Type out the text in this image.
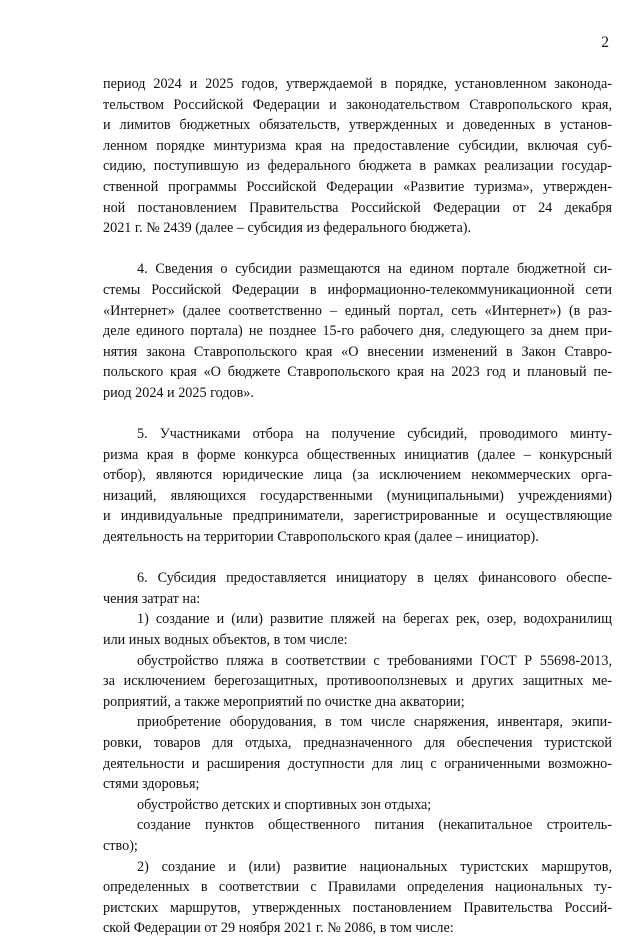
2

период 2024 и 2025 годов, утверждаемой в порядке, установленном законода-
тельством Российской Федерации и законодательством Ставропольского края,
и лимитов бюджетных обязательств, утвержденных и доведенных в установ-
ленном порядке минтуризма края на предоставление субсидии, включая суб-
сидию, поступившую из федерального бюджета в рамках реализации государ-
ственной программы Российской Федерации «Развитие туризма», утвержден-
ной постановлением Правительства Российской Федерации от 24 декабря
2021 г. № 2439 (далее – субсидия из федерального бюджета).

4. Сведения о субсидии размещаются на едином портале бюджетной си-
стемы Российской Федерации в информационно-телекоммуникационной сети
«Интернет» (далее соответственно – единый портал, сеть «Интернет») (в раз-
деле единого портала) не позднее 15-го рабочего дня, следующего за днем при-
нятия закона Ставропольского края «О внесении изменений в Закон Ставро-
польского края «О бюджете Ставропольского края на 2023 год и плановый пе-
риод 2024 и 2025 годов».

5. Участниками отбора на получение субсидий, проводимого минту-
ризма края в форме конкурса общественных инициатив (далее – конкурсный
отбор), являются юридические лица (за исключением некоммерческих орга-
низаций, являющихся государственными (муниципальными) учреждениями)
и индивидуальные предприниматели, зарегистрированные и осуществляющие
деятельность на территории Ставропольского края (далее – инициатор).

6. Субсидия предоставляется инициатору в целях финансового обеспе-
чения затрат на:

1) создание и (или) развитие пляжей на берегах рек, озер, водохранилищ
или иных водных объектов, в том числе:

обустройство пляжа в соответствии с требованиями ГОСТ Р 55698-2013,
за исключением берегозащитных, противооползневых и других защитных ме-
роприятий, а также мероприятий по очистке дна акватории;

приобретение оборудования, в том числе снаряжения, инвентаря, экипи-
ровки, товаров для отдыха, предназначенного для обеспечения туристской
деятельности и расширения доступности для лиц с ограниченными возможно-
стями здоровья;

обустройство детских и спортивных зон отдыха;

создание пунктов общественного питания (некапитальное строитель-
ство);

2) создание и (или) развитие национальных туристских маршрутов,
определенных в соответствии с Правилами определения национальных ту-
ристских маршрутов, утвержденных постановлением Правительства Россий-
ской Федерации от 29 ноября 2021 г. № 2086, в том числе:
